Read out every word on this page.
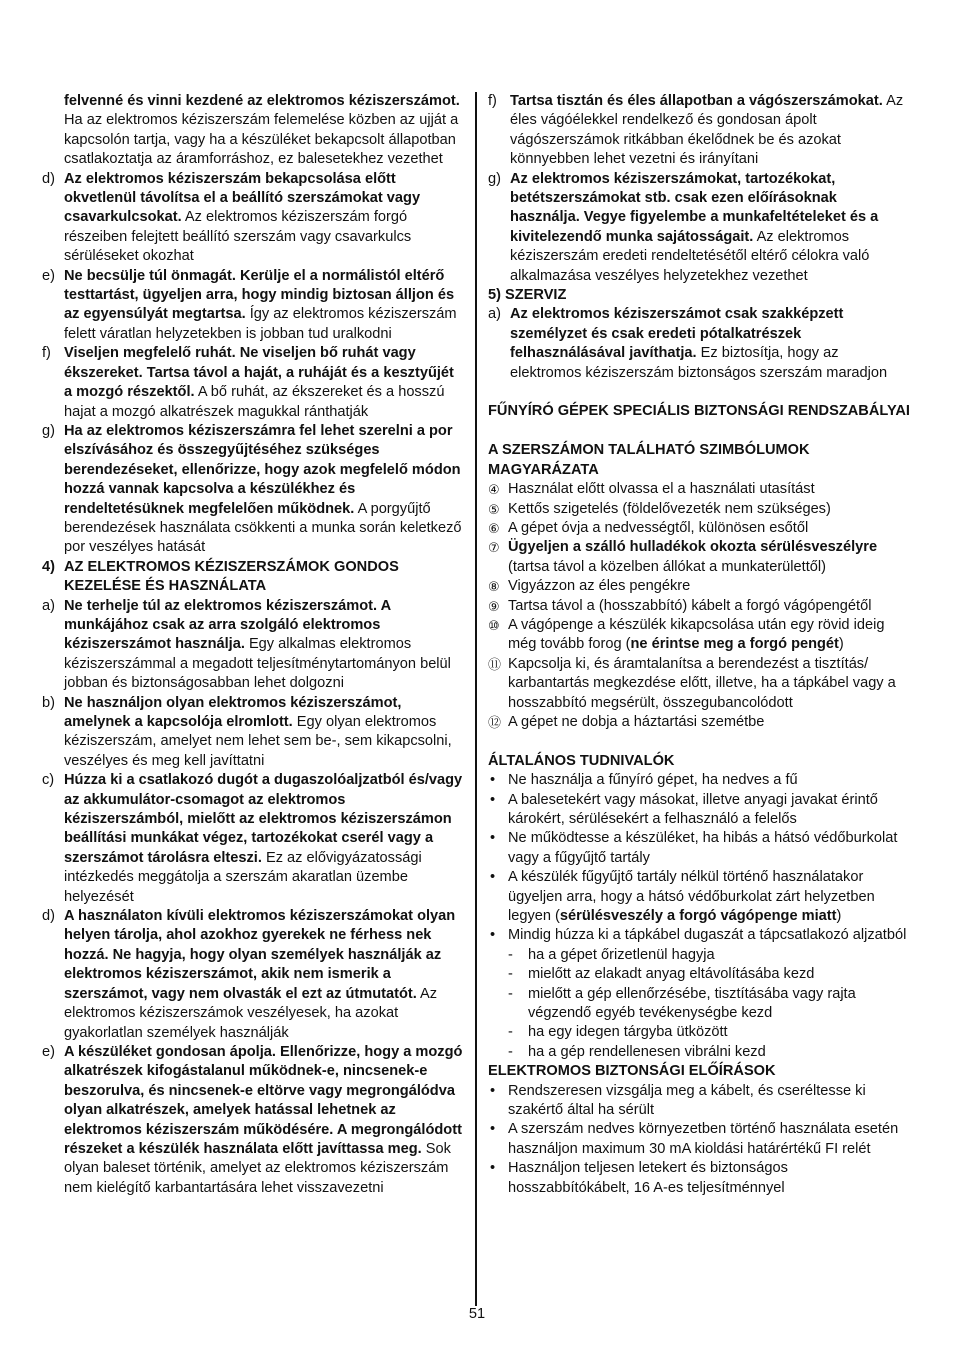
felvenné és vinni kezdené az elektromos kéziszerszámot. Ha az elektromos kéziszerszám felemelése közben az ujját a kapcsolón tartja, vagy ha a készüléket bekapcsolt állapotban csatlakoztatja az áramforráshoz, ez balesetekhez vezethet
d) Az elektromos kéziszerszám bekapcsolása előtt okvetlenül távolítsa el a beállító szerszámokat vagy csavarkulcsokat. Az elektromos kéziszerszám forgó részeiben felejtett beállító szerszám vagy csavarkulcs sérüléseket okozhat
e) Ne becsülje túl önmagát. Kerülje el a normálistól eltérő testtartást, ügyeljen arra, hogy mindig biztosan álljon és az egyensúlyát megtartsa. Így az elektromos kéziszerszám felett váratlan helyzetekben is jobban tud uralkodni
f) Viseljen megfelelő ruhát. Ne viseljen bő ruhát vagy ékszereket. Tartsa távol a haját, a ruháját és a kesztyűjét a mozgó részektől. A bő ruhát, az ékszereket és a hosszú hajat a mozgó alkatrészek magukkal ránthatják
g) Ha az elektromos kéziszerszámra fel lehet szerelni a por elszívásához és összegyűjtéséhez szükséges berendezéseket, ellenőrizze, hogy azok megfelelő módon hozzá vannak kapcsolva a készülékhez és rendeltetésüknek megfelelően működnek. A porgyűjtő berendezések használata csökkenti a munka során keletkező por veszélyes hatását
4) AZ ELEKTROMOS KÉZISZERSZÁMOK GONDOS KEZELÉSE ÉS HASZNÁLATA
a) Ne terhelje túl az elektromos kéziszerszámot. A munkájához csak az arra szolgáló elektromos kéziszerszámot használja. Egy alkalmas elektromos kéziszerszámmal a megadott teljesítménytartományon belül jobban és biztonságosabban lehet dolgozni
b) Ne használjon olyan elektromos kéziszerszámot, amelynek a kapcsolója elromlott. Egy olyan elektromos kéziszerszám, amelyet nem lehet sem be-, sem kikapcsolni, veszélyes és meg kell javíttatni
c) Húzza ki a csatlakozó dugót a dugaszolóaljzatból és/vagy az akkumulátor-csomagot az elektromos kéziszerszámból, mielőtt az elektromos kéziszerszámon beállítási munkákat végez, tartozékokat cserél vagy a szerszámot tárolásra elteszi. Ez az elővigyázatossági intézkedés meggátolja a szerszám akaratlan üzembe helyezését
d) A használaton kívüli elektromos kéziszerszámokat olyan helyen tárolja, ahol azokhoz gyerekek ne férhess nek hozzá. Ne hagyja, hogy olyan személyek használják az elektromos kéziszerszámot, akik nem ismerik a szerszámot, vagy nem olvasták el ezt az útmutatót. Az elektromos kéziszerszámok veszélyesek, ha azokat gyakorlatlan személyek használják
e) A készüléket gondosan ápolja. Ellenőrizze, hogy a mozgó alkatrészek kifogástalanul működnek-e, nincsenek-e beszorulva, és nincsenek-e eltörve vagy megrongálódva olyan alkatrészek, amelyek hatással lehetnek az elektromos kéziszerszám működésére. A megrongálódott részeket a készülék használata előtt javíttassa meg. Sok olyan baleset történik, amelyet az elektromos kéziszerszám nem kielégítő karbantartására lehet visszavezetni
f) Tartsa tisztán és éles állapotban a vágószerszámokat. Az éles vágóélekkel rendelkező és gondosan ápolt vágószerszámok ritkábban ékelődnek be és azokat könnyebben lehet vezetni és irányítani
g) Az elektromos kéziszerszámokat, tartozékokat, betétszerszámokat stb. csak ezen előírásoknak használja. Vegye figyelembe a munkafeltételeket és a kivitelezendő munka sajátosságait. Az elektromos kéziszerszám eredeti rendeltetésétől eltérő célokra való alkalmazása veszélyes helyzetekhez vezethet
5) SZERVIZ
a) Az elektromos kéziszerszámot csak szakképzett személyzet és csak eredeti pótalkatrészek felhasználásával javíthatja. Ez biztosítja, hogy az elektromos kéziszerszám biztonságos szerszám maradjon
FŰNYÍRÓ GÉPEK SPECIÁLIS BIZTONSÁGI RENDSZABÁLYAI
A SZERSZÁMON TALÁLHATÓ SZIMBÓLUMOK MAGYARÁZATA
④ Használat előtt olvassa el a használati utasítást
⑤ Kettős szigetelés (földelővezeték nem szükséges)
⑥ A gépet óvja a nedvességtől, különösen esőtől
⑦ Ügyeljen a szálló hulladékok okozta sérülésveszélyre (tartsa távol a közelben állókat a munkaterülettől)
⑧ Vigyázzon az éles pengékre
⑨ Tartsa távol a (hosszabbító) kábelt a forgó vágópengétől
⑩ A vágópenge a készülék kikapcsolása után egy rövid ideig még tovább forog (ne érintse meg a forgó pengét)
⑪ Kapcsolja ki, és áramtalanítsa a berendezést a tisztítás/ karbantartás megkezdése előtt, illetve, ha a tápkábel vagy a hosszabbító megsérült, összegubancolódott
⑫ A gépet ne dobja a háztartási szemétbe
ÁLTALÁNOS TUDNIVALÓK
• Ne használja a fűnyíró gépet, ha nedves a fű
• A balesetekért vagy másokat, illetve anyagi javakat érintő károkért, sérülésekért a felhasználó a felelős
• Ne működtesse a készüléket, ha hibás a hátsó védőburkolat vagy a fűgyűjtő tartály
• A készülék fűgyűjtő tartály nélkül történő használatakor ügyeljen arra, hogy a hátsó védőburkolat zárt helyzetben legyen (sérülésveszély a forgó vágópenge miatt)
• Mindig húzza ki a tápkábel dugaszát a tápcsatlakozó aljzatból
-	ha a gépet őrizetlenül hagyja
-	mielőtt az elakadt anyag eltávolításába kezd
-	mielőtt a gép ellenőrzésébe, tisztításába vagy rajta végzendő egyéb tevékenységbe kezd
-	ha egy idegen tárgyba ütközött
-	ha a gép rendellenesen vibrálni kezd
ELEKTROMOS BIZTONSÁGI ELŐÍRÁSOK
• Rendszeresen vizsgálja meg a kábelt, és cseréltesse ki szakértő által ha sérült
• A szerszám nedves környezetben történő használata esetén használjon maximum 30 mA kioldási határértékű FI relét
• Használjon teljesen letekert és biztonságos hosszabbítókábelt, 16 A-es teljesítménnyel
51
